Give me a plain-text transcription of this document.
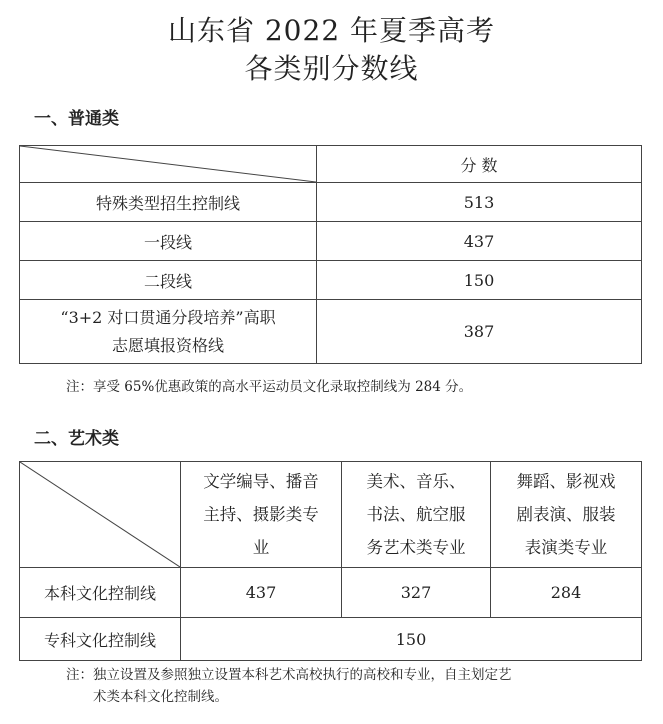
山东省 2022 年夏季高考
各类别分数线
一、普通类
	分 数
特殊类型招生控制线	513
一段线	437
二段线	150
“3+2 对口贯通分段培养”高职
志愿填报资格线	387
注：享受 65%优惠政策的高水平运动员文化录取控制线为 284 分。
二、艺术类
	文学编导、播音
主持、摄影类专
业	美术、音乐、
书法、航空服
务艺术类专业	舞蹈、影视戏
剧表演、服装
表演类专业
本科文化控制线	437	327	284
专科文化控制线	150		
注：独立设置及参照独立设置本科艺术高校执行的高校和专业，自主划定艺
术类本科文化控制线。
